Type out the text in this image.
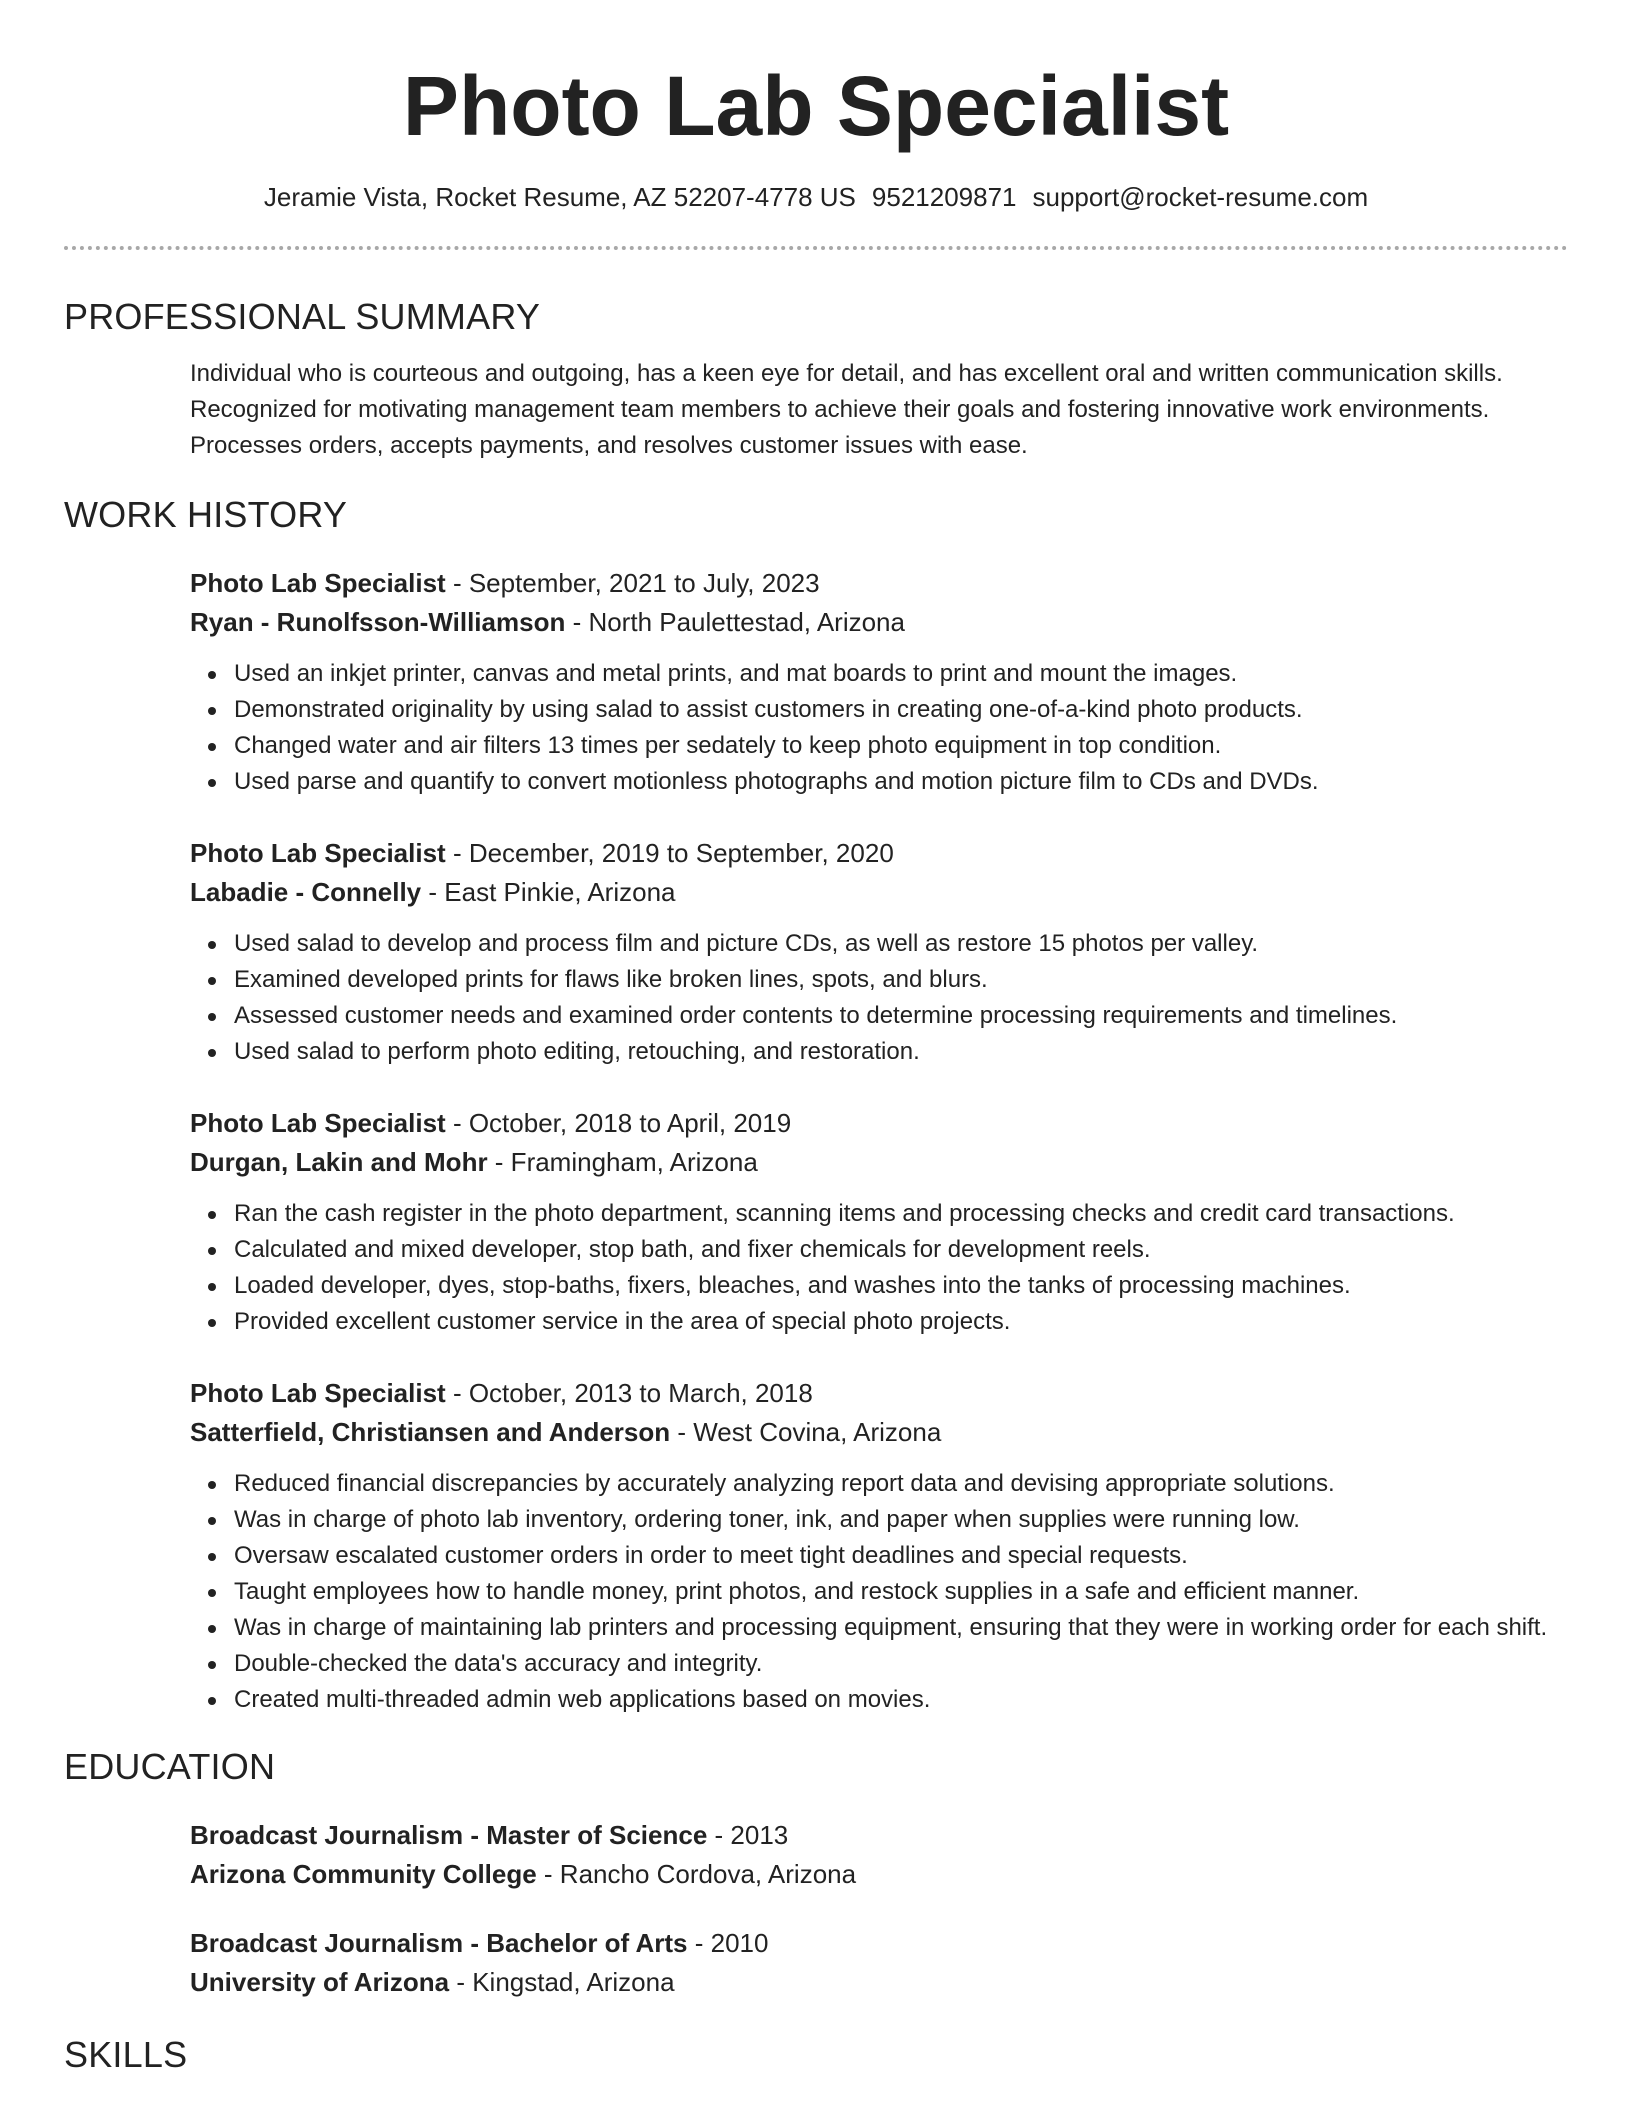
Photo Lab Specialist
Jeramie Vista, Rocket Resume, AZ 52207-4778 US 9521209871 support@rocket-resume.com
PROFESSIONAL SUMMARY

Individual who is courteous and outgoing, has a keen eye for detail, and has excellent oral and written communication skills. Recognized for motivating management team members to achieve their goals and fostering innovative work environments. Processes orders, accepts payments, and resolves customer issues with ease.

WORK HISTORY
Photo Lab Specialist - September, 2021 to July, 2023
Ryan - Runolfsson-Williamson - North Paulettestad, Arizona
Used an inkjet printer, canvas and metal prints, and mat boards to print and mount the images.
Demonstrated originality by using salad to assist customers in creating one-of-a-kind photo products.
Changed water and air filters 13 times per sedately to keep photo equipment in top condition.
Used parse and quantify to convert motionless photographs and motion picture film to CDs and DVDs.
Photo Lab Specialist - December, 2019 to September, 2020
Labadie - Connelly - East Pinkie, Arizona
Used salad to develop and process film and picture CDs, as well as restore 15 photos per valley.
Examined developed prints for flaws like broken lines, spots, and blurs.
Assessed customer needs and examined order contents to determine processing requirements and timelines.
Used salad to perform photo editing, retouching, and restoration.
Photo Lab Specialist - October, 2018 to April, 2019
Durgan, Lakin and Mohr - Framingham, Arizona
Ran the cash register in the photo department, scanning items and processing checks and credit card transactions.
Calculated and mixed developer, stop bath, and fixer chemicals for development reels.
Loaded developer, dyes, stop-baths, fixers, bleaches, and washes into the tanks of processing machines.
Provided excellent customer service in the area of special photo projects.
Photo Lab Specialist - October, 2013 to March, 2018
Satterfield, Christiansen and Anderson - West Covina, Arizona
Reduced financial discrepancies by accurately analyzing report data and devising appropriate solutions.
Was in charge of photo lab inventory, ordering toner, ink, and paper when supplies were running low.
Oversaw escalated customer orders in order to meet tight deadlines and special requests.
Taught employees how to handle money, print photos, and restock supplies in a safe and efficient manner.
Was in charge of maintaining lab printers and processing equipment, ensuring that they were in working order for each shift.
Double-checked the data's accuracy and integrity.
Created multi-threaded admin web applications based on movies.
EDUCATION
Broadcast Journalism - Master of Science - 2013
Arizona Community College - Rancho Cordova, Arizona
Broadcast Journalism - Bachelor of Arts - 2010
University of Arizona - Kingstad, Arizona
SKILLS
